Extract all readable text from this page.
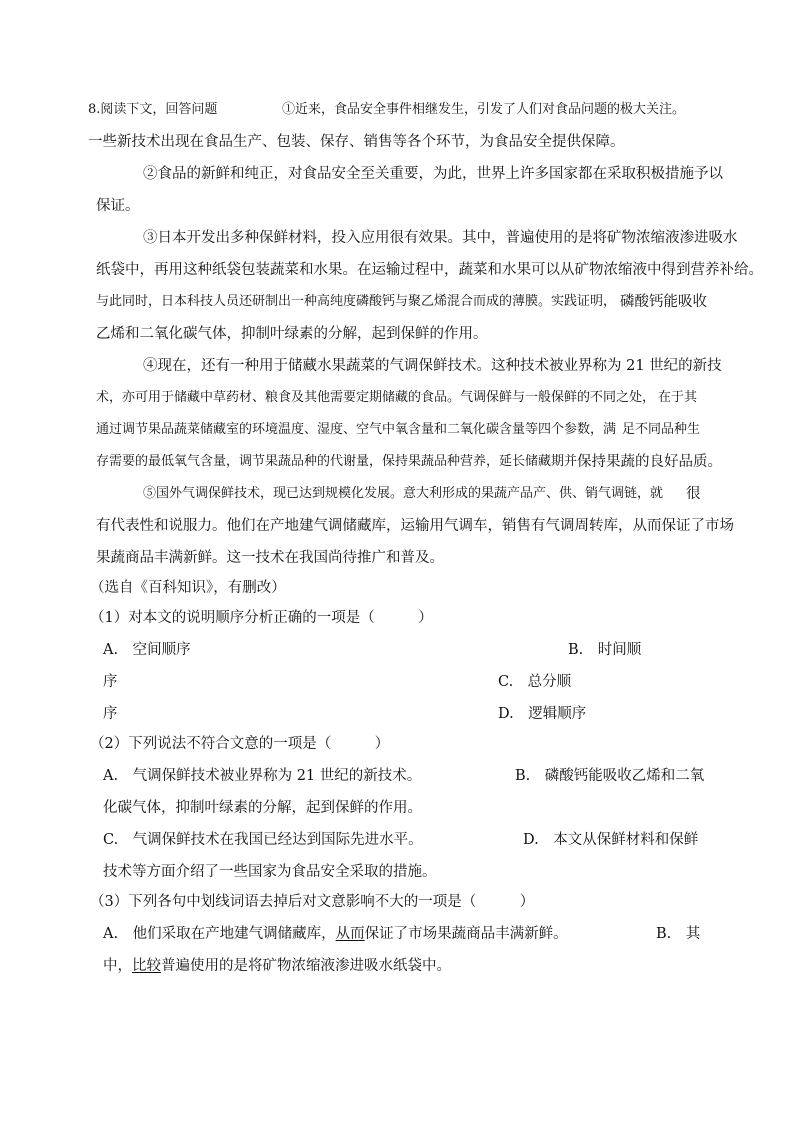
8.阅读下文，回答问题	①近来，食品安全事件相继发生，引发了人们对食品问题的极大关注。
一些新技术出现在食品生产、包装、保存、销售等各个环节，为食品安全提供保障。
②食品的新鲜和纯正，对食品安全至关重要，为此，世界上许多国家都在采取积极措施予以
保证。
③日本开发出多种保鲜材料，投入应用很有效果。其中，普遍使用的是将矿物浓缩液渗进吸水
纸袋中，再用这种纸袋包装蔬菜和水果。在运输过程中，蔬菜和水果可以从矿物浓缩液中得到营养补给。
与此同时，日本科技人员还研制出一种高纯度磷酸钙与聚乙烯混合而成的薄膜。实践证明， 磷酸钙能吸收
乙烯和二氧化碳气体，抑制叶绿素的分解，起到保鲜的作用。
④现在，还有一种用于储藏水果蔬菜的气调保鲜技术。这种技术被业界称为 21 世纪的新技
术，亦可用于储藏中草药材、粮食及其他需要定期储藏的食品。气调保鲜与一般保鲜的不同之处， 在于其
通过调节果品蔬菜储藏室的环境温度、湿度、空气中氧含量和二氧化碳含量等四个参数，满 足不同品种生
存需要的最低氧气含量，调节果蔬品种的代谢量，保持果蔬品种营养，延长储藏期并 保持果蔬的良好品质。
⑤国外气调保鲜技术，现已达到规模化发展。意大利形成的果蔬产品产、供、销气调链，就 很
有代表性和说服力。他们在产地建气调储藏库，运输用气调车，销售有气调周转库，从而保证了市场
果蔬商品丰满新鲜。这一技术在我国尚待推广和普及。
（选自《百科知识》，有删改）
（1）对本文的说明顺序分析正确的一项是（　　　）
A.　空间顺序	B.　时间顺
序	C.　总分顺
序	D.　逻辑顺序
（2）下列说法不符合文意的一项是（　　　）
A.　气调保鲜技术被业界称为 21 世纪的新技术。	B.　磷酸钙能吸收乙烯和二氧
化碳气体，抑制叶绿素的分解，起到保鲜的作用。
C.　气调保鲜技术在我国已经达到国际先进水平。	D.　本文从保鲜材料和保鲜
技术等方面介绍了一些国家为食品安全采取的措施。
（3）下列各句中划线词语去掉后对文意影响不大的一项是（　　　）
A.　他们采取在产地建气调储藏库，从而保证了市场果蔬商品丰满新鲜。	B.　其
中，比较普遍使用的是将矿物浓缩液渗进吸水纸袋中。
